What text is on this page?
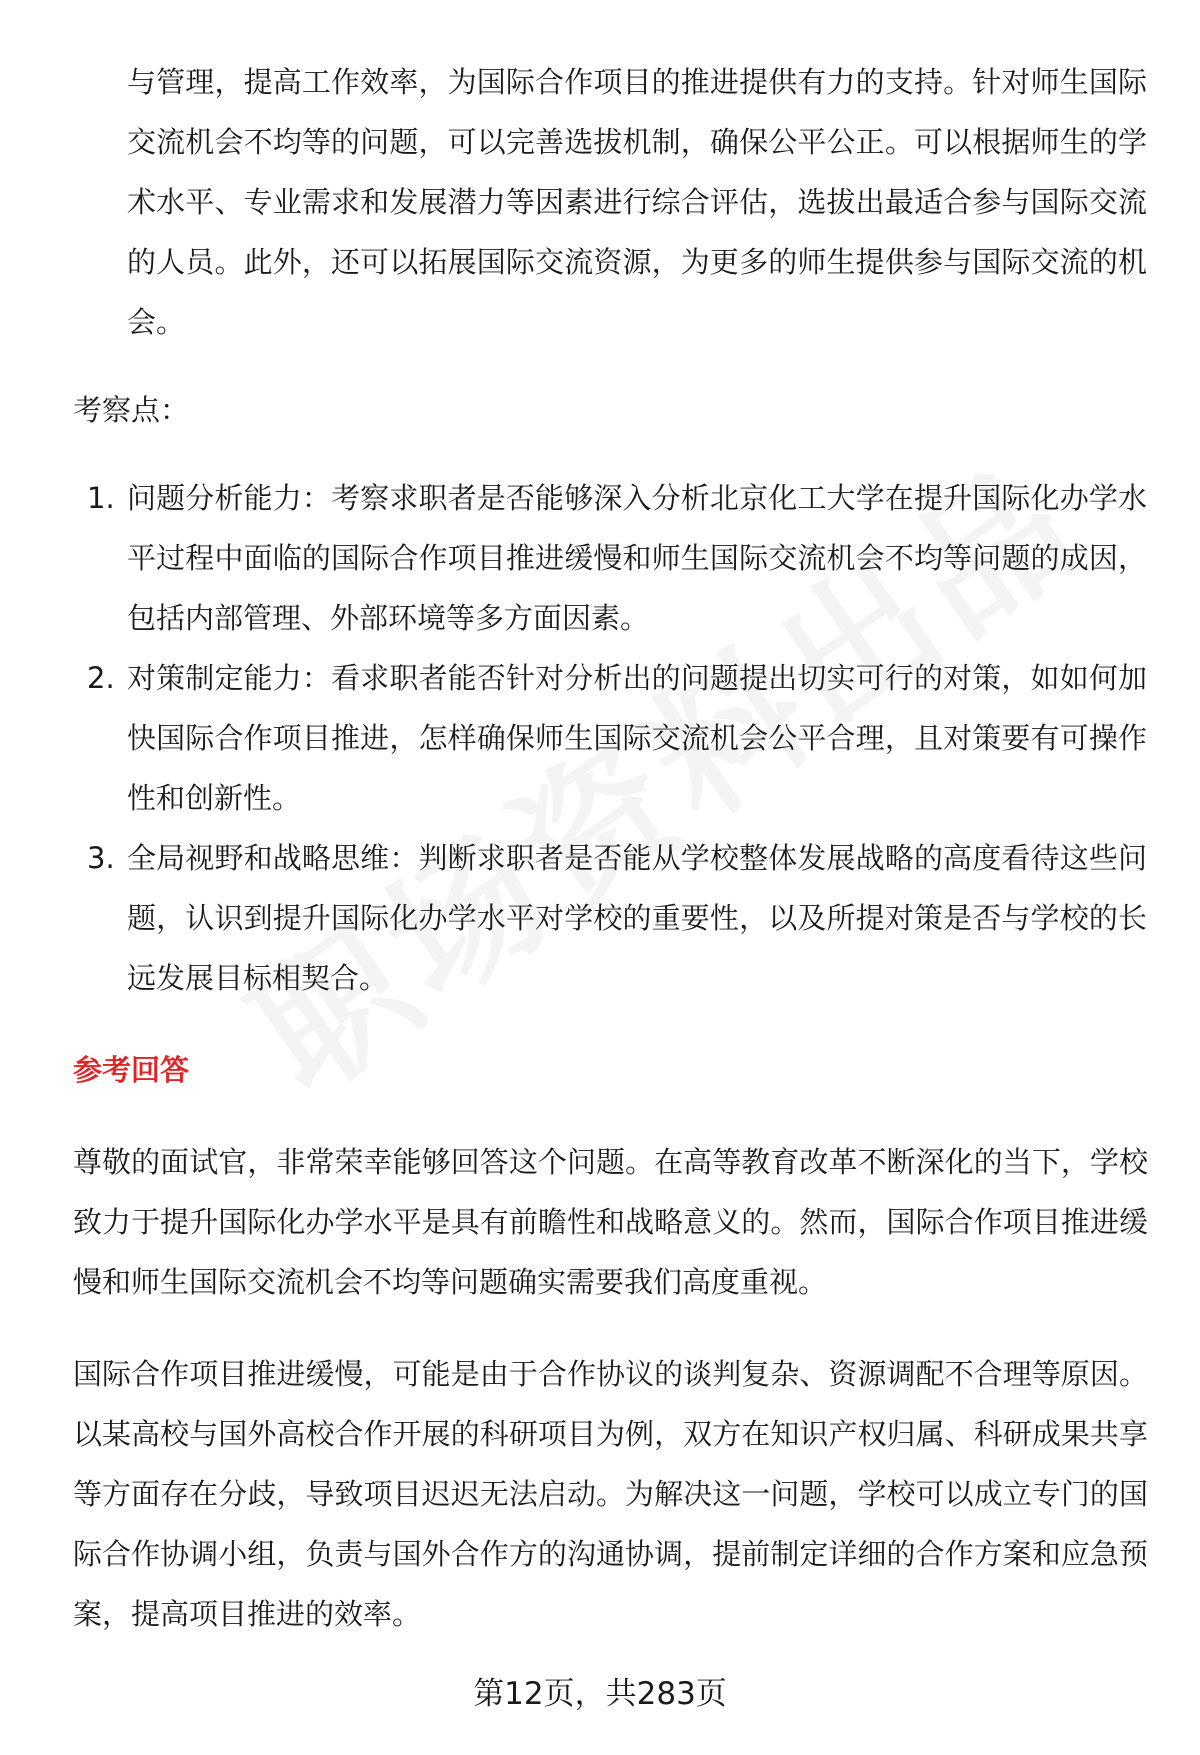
与管理，提高工作效率，为国际合作项目的推进提供有力的支持。针对师生国际交流机会不均等的问题，可以完善选拔机制，确保公平公正。可以根据师生的学术水平、专业需求和发展潜力等因素进行综合评估，选拔出最适合参与国际交流的人员。此外，还可以拓展国际交流资源，为更多的师生提供参与国际交流的机会。

考察点：
1. 问题分析能力：考察求职者是否能够深入分析北京化工大学在提升国际化办学水平过程中面临的国际合作项目推进缓慢和师生国际交流机会不均等问题的成因，包括内部管理、外部环境等多方面因素。
2. 对策制定能力：看求职者能否针对分析出的问题提出切实可行的对策，如如何加快国际合作项目推进，怎样确保师生国际交流机会公平合理，且对策要有可操作性和创新性。
3. 全局视野和战略思维：判断求职者是否能从学校整体发展战略的高度看待这些问题，认识到提升国际化办学水平对学校的重要性，以及所提对策是否与学校的长远发展目标相契合。
参考回答

尊敬的面试官，非常荣幸能够回答这个问题。在高等教育改革不断深化的当下，学校致力于提升国际化办学水平是具有前瞻性和战略意义的。然而，国际合作项目推进缓慢和师生国际交流机会不均等问题确实需要我们高度重视。

国际合作项目推进缓慢，可能是由于合作协议的谈判复杂、资源调配不合理等原因。以某高校与国外高校合作开展的科研项目为例，双方在知识产权归属、科研成果共享等方面存在分歧，导致项目迟迟无法启动。为解决这一问题，学校可以成立专门的国际合作协调小组，负责与国外合作方的沟通协调，提前制定详细的合作方案和应急预案，提高项目推进的效率。

第12页，共283页
